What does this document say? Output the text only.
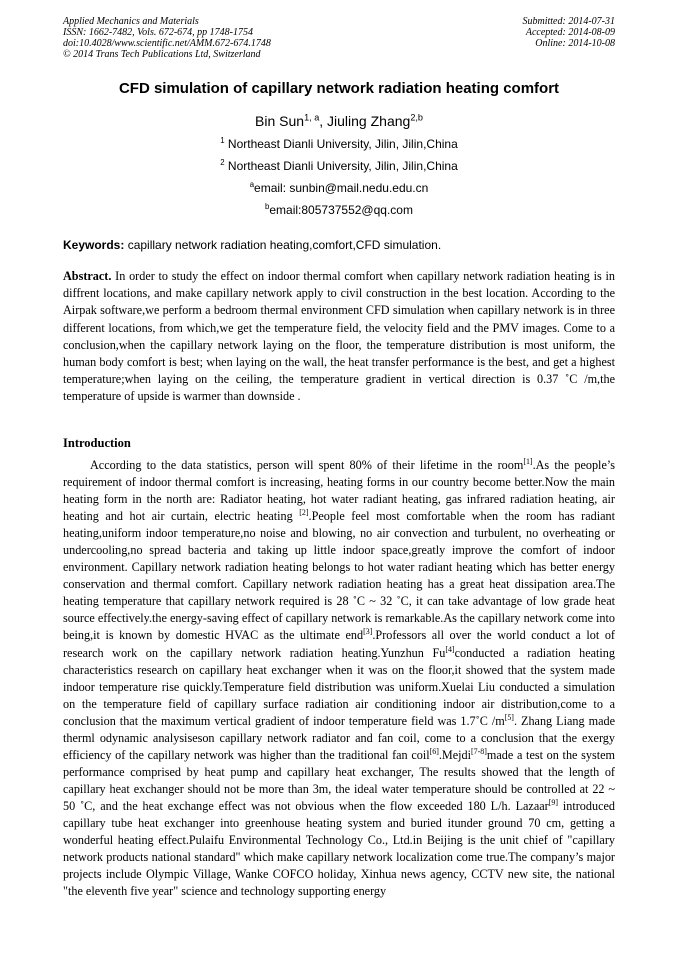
Applied Mechanics and Materials
ISSN: 1662-7482, Vols. 672-674, pp 1748-1754
doi:10.4028/www.scientific.net/AMM.672-674.1748
© 2014 Trans Tech Publications Ltd, Switzerland
Submitted: 2014-07-31
Accepted: 2014-08-09
Online: 2014-10-08
CFD simulation of capillary network radiation heating comfort
Bin Sun$^{1, a}$, Jiuling Zhang$^{2,b}$
$^1$ Northeast Dianli University, Jilin, Jilin,China
$^2$ Northeast Dianli University, Jilin, Jilin,China
$^a$email: sunbin@mail.nedu.edu.cn
$^b$email:805737552@qq.com
Keywords: capillary network radiation heating,comfort,CFD simulation.

Abstract. In order to study the effect on indoor thermal comfort when capillary network radiation heating is in diffrent locations, and make capillary network apply to civil construction in the best location. According to the Airpak software,we perform a bedroom thermal environment CFD simulation when capillary network is in three different locations, from which,we get the temperature field, the velocity field and the PMV images. Come to a conclusion,when the capillary network laying on the floor, the temperature distribution is most uniform, the human body comfort is best; when laying on the wall, the heat transfer performance is the best, and get a highest temperature;when laying on the ceiling, the temperature gradient in vertical direction is 0.37 ˚C /m,the temperature of upside is warmer than downside .

Introduction

According to the data statistics, person will spent 80% of their lifetime in the room[1].As the people’s requirement of indoor thermal comfort is increasing, heating forms in our country become better.Now the main heating form in the north are: Radiator heating, hot water radiant heating, gas infrared radiation heating, air heating and hot air curtain, electric heating [2].People feel most comfortable when the room has radiant heating,uniform indoor temperature,no noise and blowing, no air convection and turbulent, no overheating or undercooling,no spread bacteria and taking up little indoor space,greatly improve the comfort of indoor environment. Capillary network radiation heating belongs to hot water radiant heating which has better energy conservation and thermal comfort. Capillary network radiation heating has a great heat dissipation area.The heating temperature that capillary network required is 28 ˚C ~ 32 ˚C, it can take advantage of low grade heat source effectively.the energy-saving effect of capillary network is remarkable.As the capillary network come into being,it is known by domestic HVAC as the ultimate end[3].Professors all over the world conduct a lot of research work on the capillary network radiation heating.Yunzhun Fu[4]conducted a radiation heating characteristics research on capillary heat exchanger when it was on the floor,it showed that the system made indoor temperature rise quickly.Temperature field distribution was uniform.Xuelai Liu conducted a simulation on the temperature field of capillary surface radiation air conditioning indoor air distribution,come to a conclusion that the maximum vertical gradient of indoor temperature field was 1.7˚C /m[5]. Zhang Liang made therml odynamic analysiseson capillary network radiator and fan coil, come to a conclusion that the exergy efficiency of the capillary network was higher than the traditional fan coil[6].Mejdi[7-8]made a test on the system performance comprised by heat pump and capillary heat exchanger, The results showed that the length of capillary heat exchanger should not be more than 3m, the ideal water temperature should be controlled at 22 ~ 50 ˚C, and the heat exchange effect was not obvious when the flow exceeded 180 L/h. Lazaar[9] introduced capillary tube heat exchanger into greenhouse heating system and buried itunder ground 70 cm, getting a wonderful heating effect.Pulaifu Environmental Technology Co., Ltd.in Beijing is the unit chief of "capillary network products national standard" which make capillary network localization come true.The company’s major projects include Olympic Village, Wanke COFCO holiday, Xinhua news agency, CCTV new site, the national "the eleventh five year" science and technology supporting energy
